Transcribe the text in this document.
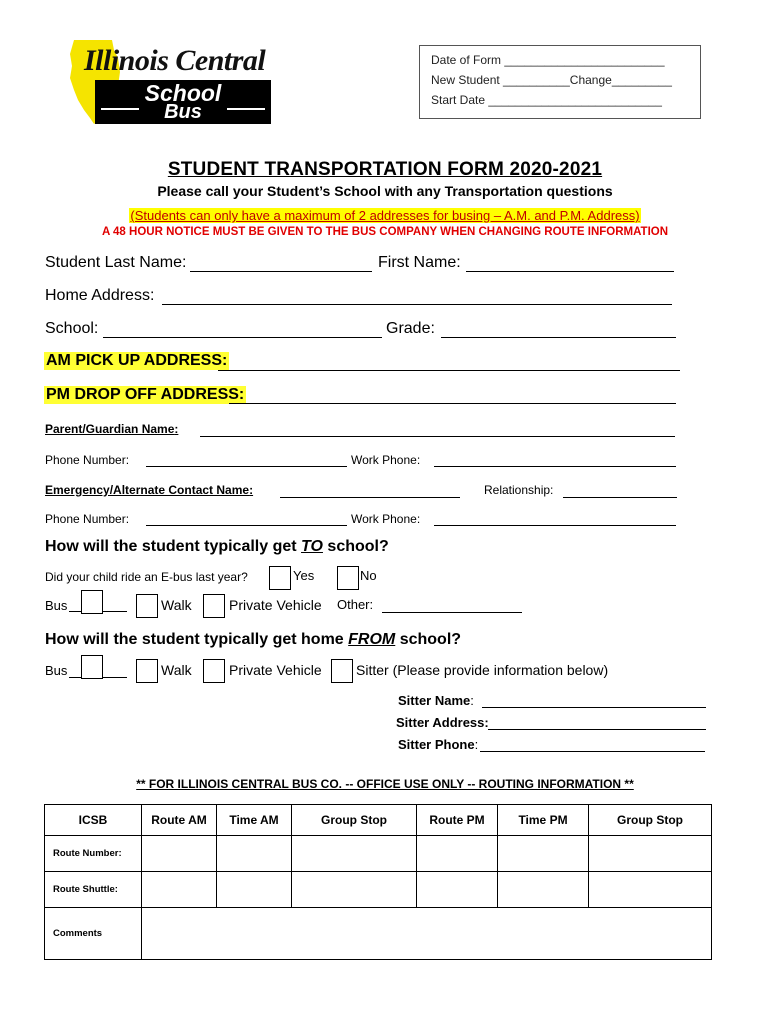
Illinois Central
School
Bus
Date of Form ________________________
New Student __________Change_________
Start Date __________________________
STUDENT TRANSPORTATION FORM 2020-2021
Please call your Student’s School with any Transportation questions
(Students can only have a maximum of 2 addresses for busing – A.M. and P.M. Address)
A 48 HOUR NOTICE MUST BE GIVEN TO THE BUS COMPANY WHEN CHANGING ROUTE INFORMATION
Student Last Name:	First Name:
Home Address:
School:	Grade:
AM PICK UP ADDRESS:
PM DROP OFF ADDRESS:
Parent/Guardian Name:
Phone Number:	Work Phone:
Emergency/Alternate Contact Name:	Relationship:
Phone Number:	Work Phone:
How will the student typically get TO school?
Did your child ride an E-bus last year?	Yes	No
Bus	Walk	Private Vehicle Other:
How will the student typically get home FROM school?
Bus	Walk	Private Vehicle Sitter (Please provide information below)
Sitter Name:
Sitter Address:
Sitter Phone:
** FOR ILLINOIS CENTRAL BUS CO. -- OFFICE USE ONLY -- ROUTING INFORMATION **
ICSB	Route AM	Time AM	Group Stop	Route PM	Time PM	Group Stop
Route Number:						
Route Shuttle:						
Comments						
